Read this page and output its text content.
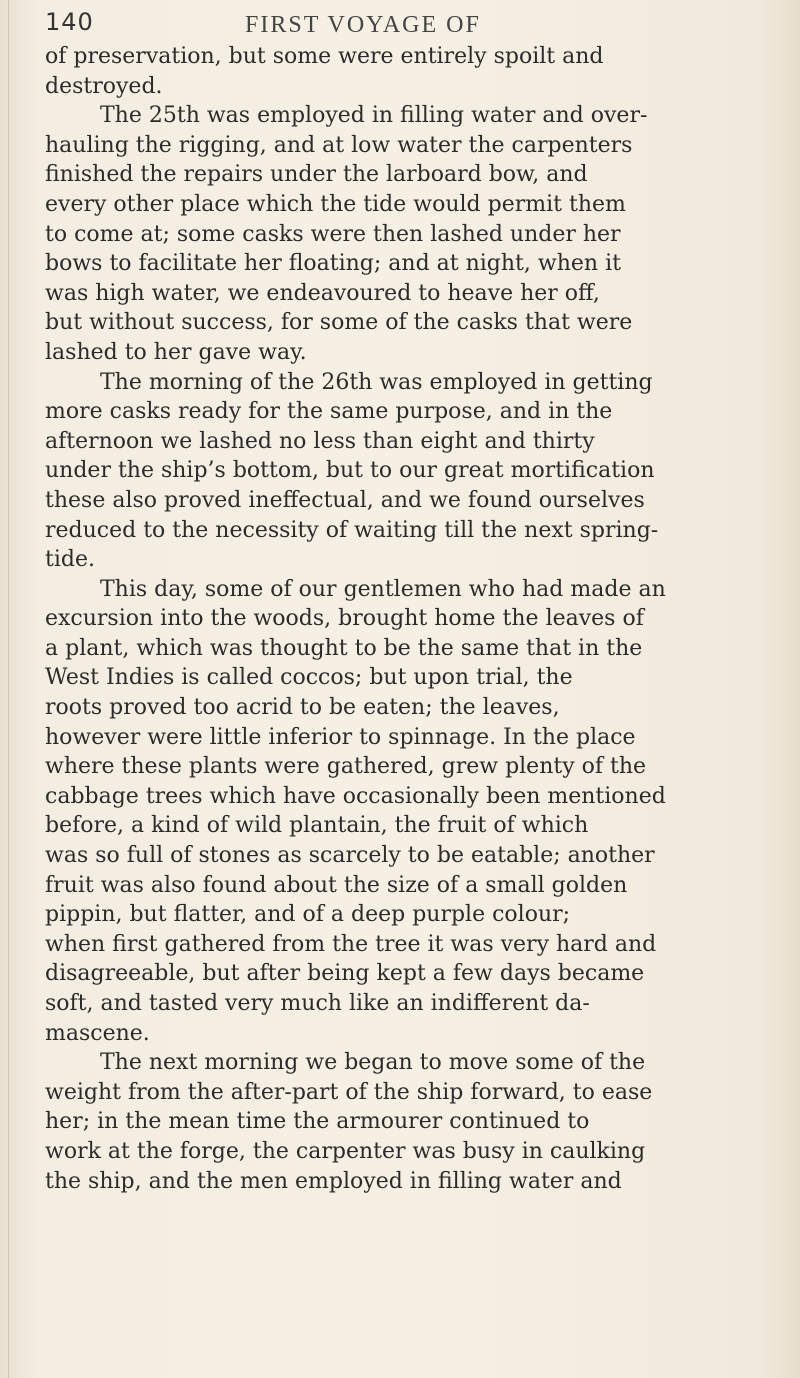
140	FIRST VOYAGE OF
of preservation, but some were entirely spoilt and
destroyed.
The 25th was employed in filling water and over-
hauling the rigging, and at low water the carpenters
finished the repairs under the larboard bow, and
every other place which the tide would permit them
to come at; some casks were then lashed under her
bows to facilitate her floating; and at night, when it
was high water, we endeavoured to heave her off,
but without success, for some of the casks that were
lashed to her gave way.
The morning of the 26th was employed in getting
more casks ready for the same purpose, and in the
afternoon we lashed no less than eight and thirty
under the ship’s bottom, but to our great mortification
these also proved ineffectual, and we found ourselves
reduced to the necessity of waiting till the next spring-
tide.
This day, some of our gentlemen who had made an
excursion into the woods, brought home the leaves of
a plant, which was thought to be the same that in the
West Indies is called coccos; but upon trial, the
roots proved too acrid to be eaten; the leaves,
however were little inferior to spinnage. In the place
where these plants were gathered, grew plenty of the
cabbage trees which have occasionally been mentioned
before, a kind of wild plantain, the fruit of which
was so full of stones as scarcely to be eatable; another
fruit was also found about the size of a small golden
pippin, but flatter, and of a deep purple colour;
when first gathered from the tree it was very hard and
disagreeable, but after being kept a few days became
soft, and tasted very much like an indifferent da-
mascene.
The next morning we began to move some of the
weight from the after-part of the ship forward, to ease
her; in the mean time the armourer continued to
work at the forge, the carpenter was busy in caulking
the ship, and the men employed in filling water and
